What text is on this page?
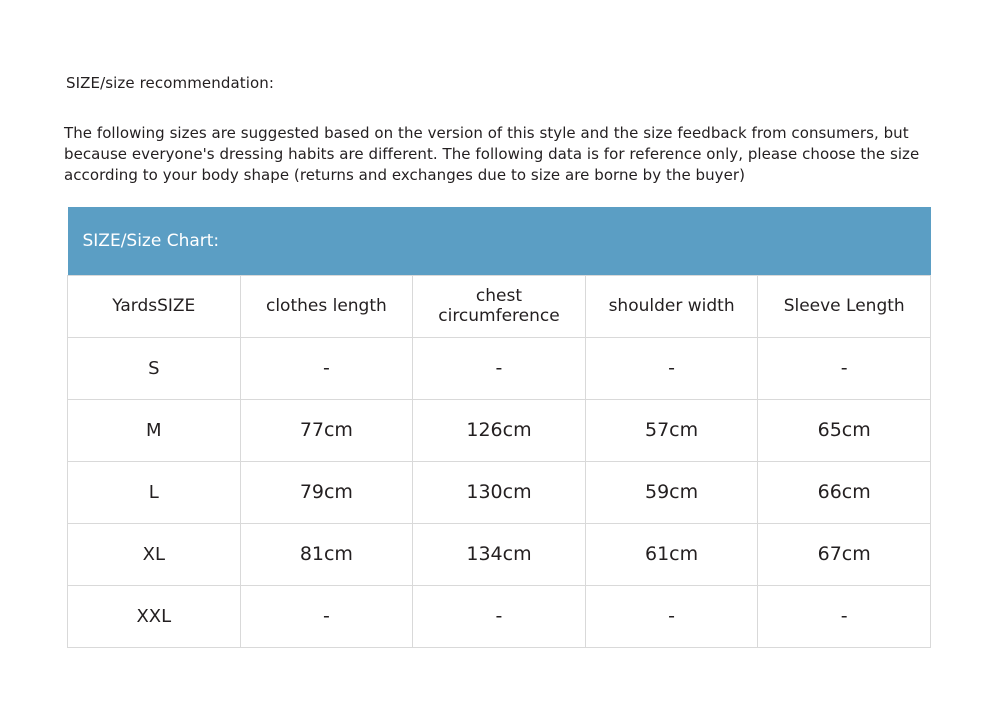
SIZE/size recommendation:

The following sizes are suggested based on the version of this style and the size feedback from consumers, but because everyone's dressing habits are different. The following data is for reference only, please choose the size according to your body shape (returns and exchanges due to size are borne by the buyer)

SIZE/Size Chart:				
YardsSIZE	clothes length	chest circumference	shoulder width	Sleeve Length
S	-	-	-	-
M	77cm	126cm	57cm	65cm
L	79cm	130cm	59cm	66cm
XL	81cm	134cm	61cm	67cm
XXL	-	-	-	-
